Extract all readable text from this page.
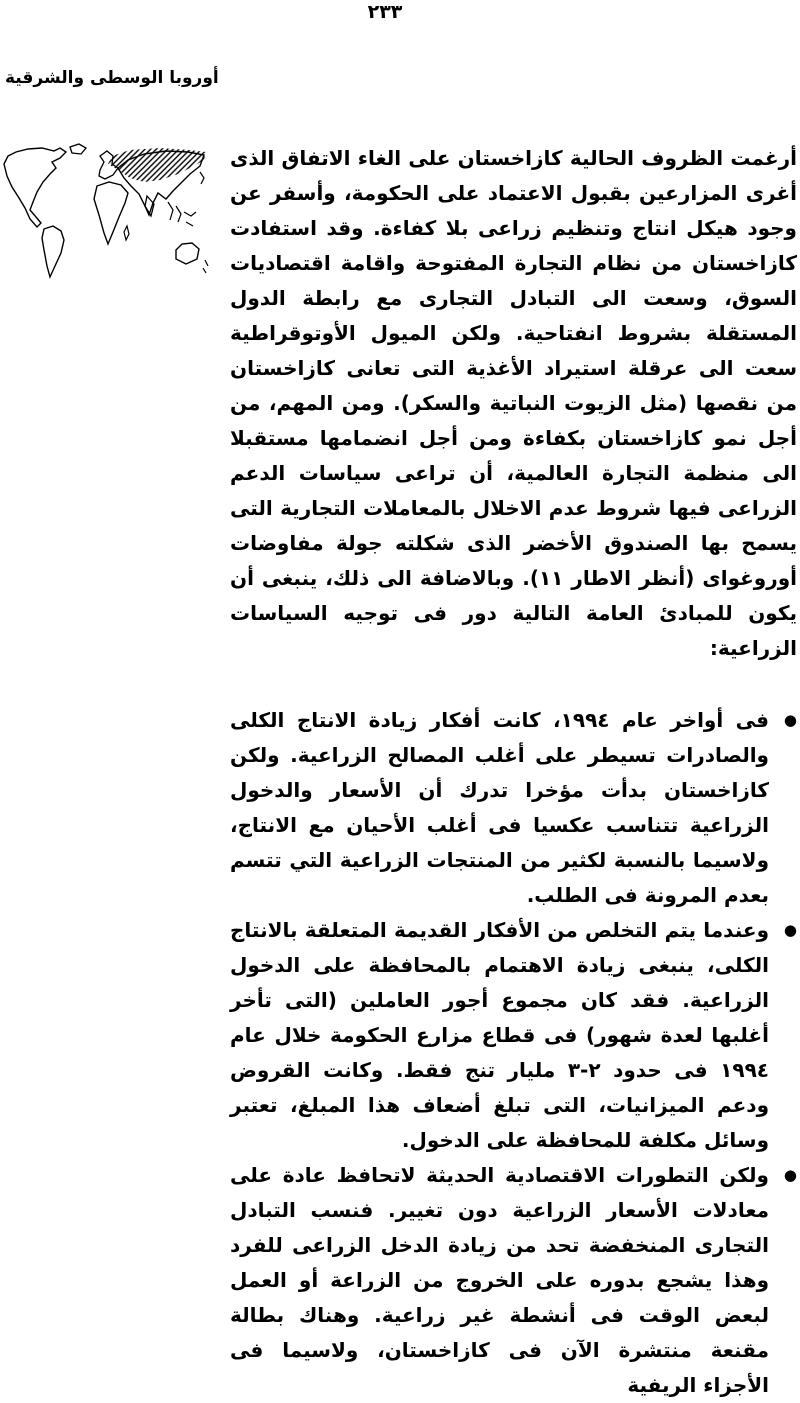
٢٣٣
أوروبا الوسطى والشرقية

أرغمت الظروف الحالية كازاخستان على الغاء الاتفاق الذى أغرى المزارعين بقبول الاعتماد على الحكومة، وأسفر عن وجود هيكل انتاج وتنظيم زراعى بلا كفاءة. وقد استفادت كازاخستان من نظام التجارة المفتوحة واقامة اقتصاديات السوق، وسعت الى التبادل التجارى مع رابطة الدول المستقلة بشروط انفتاحية. ولكن الميول الأوتوقراطية سعت الى عرقلة استيراد الأغذية التى تعانى كازاخستان من نقصها (مثل الزيوت النباتية والسكر). ومن المهم، من أجل نمو كازاخستان بكفاءة ومن أجل انضمامها مستقبلا الى منظمة التجارة العالمية، أن تراعى سياسات الدعم الزراعى فيها شروط عدم الاخلال بالمعاملات التجارية التى يسمح بها الصندوق الأخضر الذى شكلته جولة مفاوضات أوروغواى (أنظر الاطار ١١). وبالاضافة الى ذلك، ينبغى أن يكون للمبادئ العامة التالية دور فى توجيه السياسات الزراعية:

●
فى أواخر عام ١٩٩٤، كانت أفكار زيادة الانتاج الكلى والصادرات تسيطر على أغلب المصالح الزراعية. ولكن كازاخستان بدأت مؤخرا تدرك أن الأسعار والدخول الزراعية تتناسب عكسيا فى أغلب الأحيان مع الانتاج، ولاسيما بالنسبة لكثير من المنتجات الزراعية التي تتسم بعدم المرونة فى الطلب.
●
وعندما يتم التخلص من الأفكار القديمة المتعلقة بالانتاج الكلى، ينبغى زيادة الاهتمام بالمحافظة على الدخول الزراعية. فقد كان مجموع أجور العاملين (التى تأخر أغلبها لعدة شهور) فى قطاع مزارع الحكومة خلال عام ١٩٩٤ فى حدود ٢-٣ مليار تنج فقط. وكانت القروض ودعم الميزانيات، التى تبلغ أضعاف هذا المبلغ، تعتبر وسائل مكلفة للمحافظة على الدخول.
●
ولكن التطورات الاقتصادية الحديثة لاتحافظ عادة على معادلات الأسعار الزراعية دون تغيير. فنسب التبادل التجارى المنخفضة تحد من زيادة الدخل الزراعى للفرد وهذا يشجع بدوره على الخروج من الزراعة أو العمل لبعض الوقت فى أنشطة غير زراعية. وهناك بطالة مقنعة منتشرة الآن فى كازاخستان، ولاسيما فى الأجزاء الريفية
